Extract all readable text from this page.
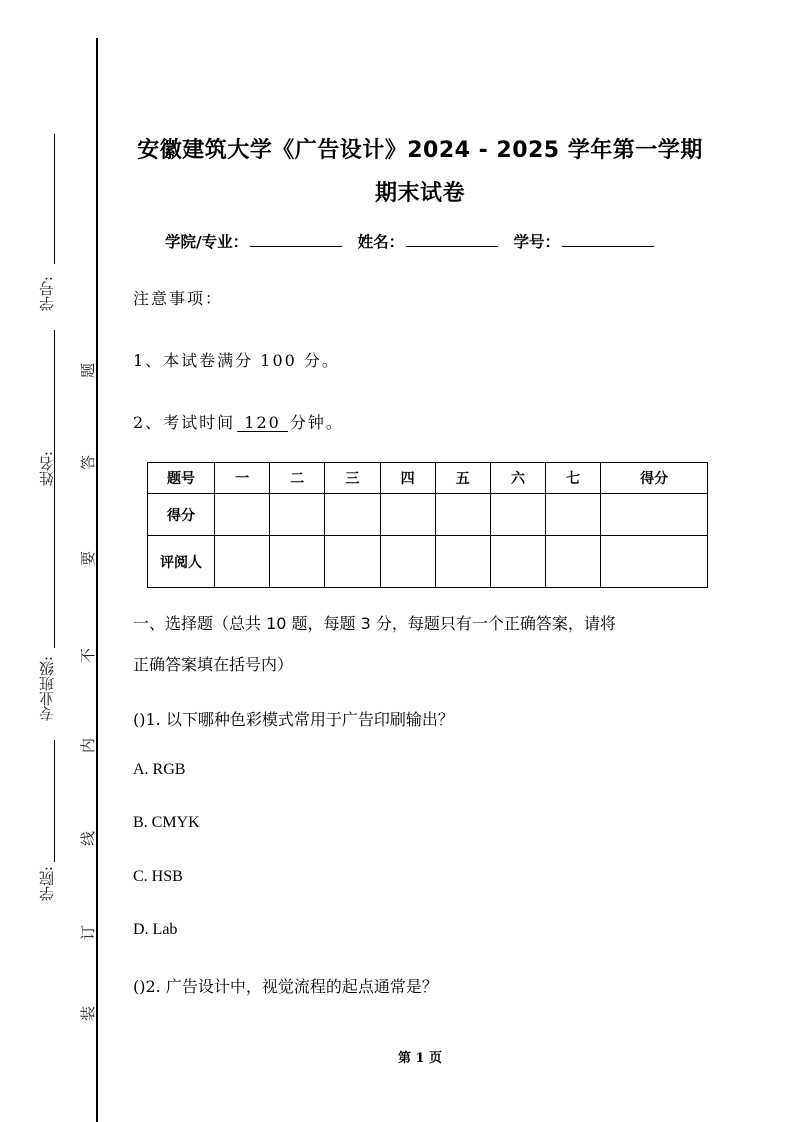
学号:
姓名:
专业班级:
学院:
题
答
要
不
内
线
订
装
安徽建筑大学《广告设计》2024 - 2025 学年第一学期
期末试卷
学院/专业：	姓名：	学号：
注意事项：
1、本试卷满分 100 分。
2、考试时间 120 分钟。
题号	一	二	三	四	五	六	七	得分
得分								
评阅人								
一、选择题（总共 10 题，每题 3 分，每题只有一个正确答案，请将
正确答案填在括号内）
()1. 以下哪种色彩模式常用于广告印刷输出？
A. RGB
B. CMYK
C. HSB
D. Lab
()2. 广告设计中，视觉流程的起点通常是？
第 1 页
